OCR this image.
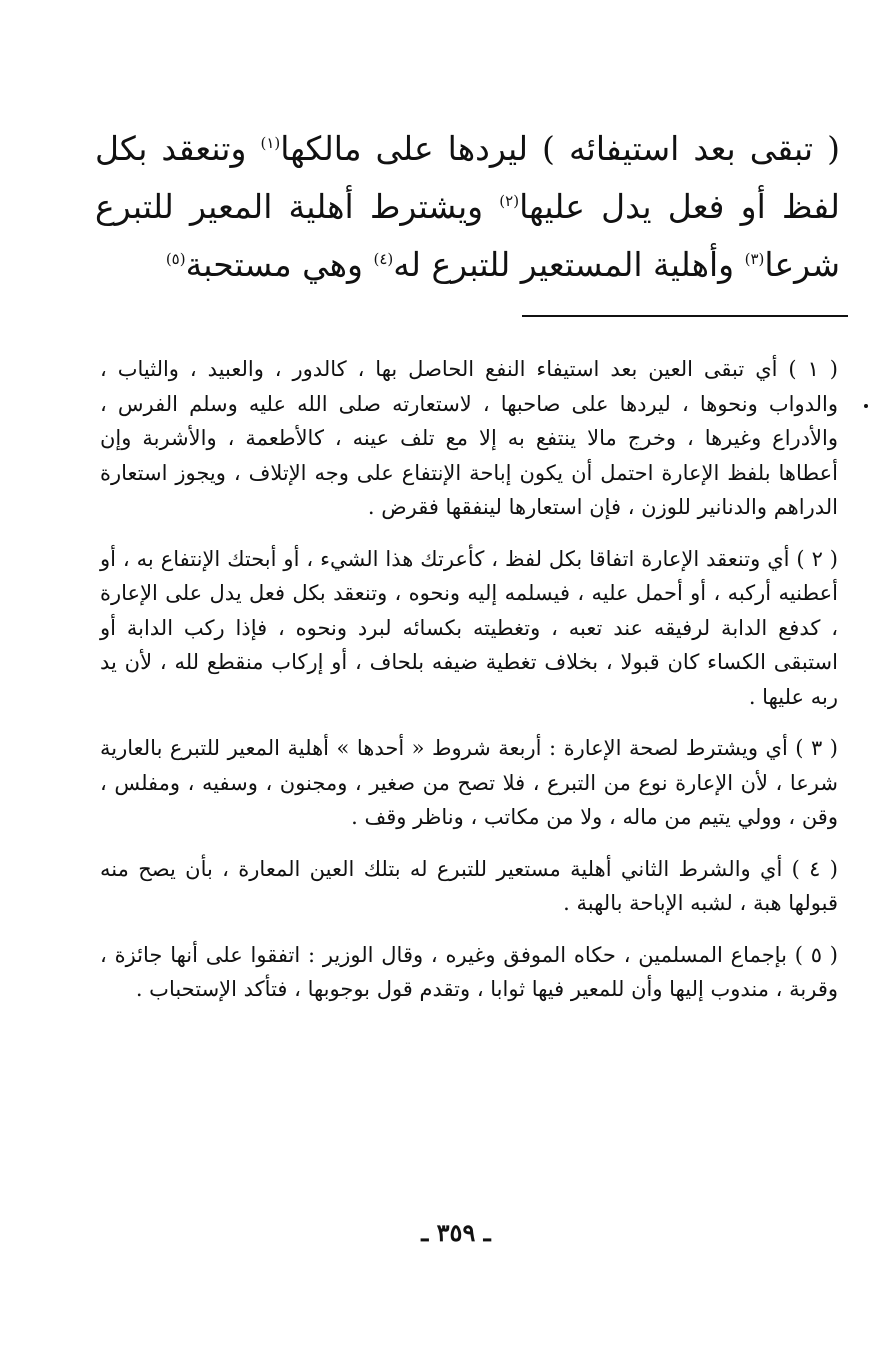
( تبقى بعد استيفائه ) ليردها على مالكها$^{(١)}$ وتنعقد بكل لفظ أو فعل يدل عليها$^{(٢)}$ ويشترط أهلية المعير للتبرع شرعا$^{(٣)}$ وأهلية المستعير للتبرع له$^{(٤)}$ وهي مستحبة$^{(٥)}$

( ١ ) أي تبقى العين بعد استيفاء النفع الحاصل بها ، كالدور ، والعبيد ، والثياب ، والدواب ونحوها ، ليردها على صاحبها ، لاستعارته صلى الله عليه وسلم الفرس ، والأدراع وغيرها ، وخرج مالا ينتفع به إلا مع تلف عينه ، كالأطعمة ، والأشربة وإن أعطاها بلفظ الإعارة احتمل أن يكون إباحة الإنتفاع على وجه الإتلاف ، ويجوز استعارة الدراهم والدنانير للوزن ، فإن استعارها لينفقها فقرض .

( ٢ ) أي وتنعقد الإعارة اتفاقا بكل لفظ ، كأعرتك هذا الشيء ، أو أبحتك الإنتفاع به ، أو أعطنيه أركبه ، أو أحمل عليه ، فيسلمه إليه ونحوه ، وتنعقد بكل فعل يدل على الإعارة ، كدفع الدابة لرفيقه عند تعبه ، وتغطيته بكسائه لبرد ونحوه ، فإذا ركب الدابة أو استبقى الكساء كان قبولا ، بخلاف تغطية ضيفه بلحاف ، أو إركاب منقطع لله ، لأن يد ربه عليها .

( ٣ ) أي ويشترط لصحة الإعارة : أربعة شروط « أحدها » أهلية المعير للتبرع بالعارية شرعا ، لأن الإعارة نوع من التبرع ، فلا تصح من صغير ، ومجنون ، وسفيه ، ومفلس ، وقن ، وولي يتيم من ماله ، ولا من مكاتب ، وناظر وقف .

( ٤ ) أي والشرط الثاني أهلية مستعير للتبرع له بتلك العين المعارة ، بأن يصح منه قبولها هبة ، لشبه الإباحة بالهبة .

( ٥ ) بإجماع المسلمين ، حكاه الموفق وغيره ، وقال الوزير : اتفقوا على أنها جائزة ، وقربة ، مندوب إليها وأن للمعير فيها ثوابا ، وتقدم قول بوجوبها ، فتأكد الإستحباب .

ـ ٣٥٩ ـ
